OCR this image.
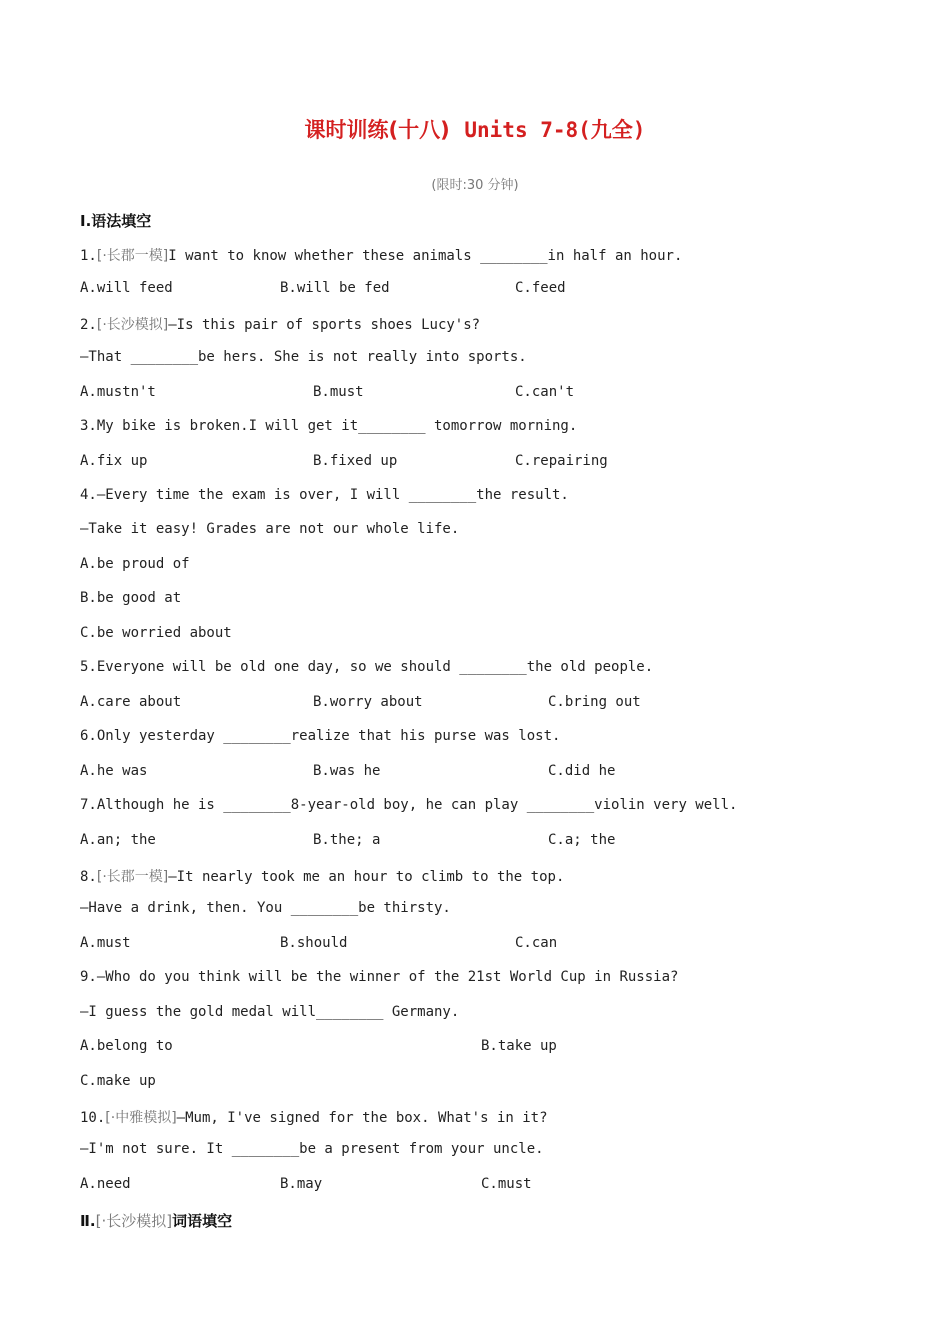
课时训练(十八) Units 7-8(九全)
(限时:30 分钟)
Ⅰ.语法填空
1.[·长郡一模]I want to know whether these animals ________in half an hour.
A.will feed	B.will be fed	C.feed
2.[·长沙模拟]—Is this pair of sports shoes Lucy's?
—That ________be hers. She is not really into sports.
A.mustn't	B.must	C.can't
3.My bike is broken.I will get it________ tomorrow morning.
A.fix up	B.fixed up	C.repairing
4.—Every time the exam is over, I will ________the result.
—Take it easy! Grades are not our whole life.
A.be proud of
B.be good at
C.be worried about
5.Everyone will be old one day, so we should ________the old people.
A.care about	B.worry about	C.bring out
6.Only yesterday ________realize that his purse was lost.
A.he was	B.was he	C.did he
7.Although he is ________8-year-old boy, he can play ________violin very well.
A.an; the	B.the; a	C.a; the
8.[·长郡一模]—It nearly took me an hour to climb to the top.
—Have a drink, then. You ________be thirsty.
A.must	B.should	C.can
9.—Who do you think will be the winner of the 21st World Cup in Russia?
—I guess the gold medal will________ Germany.
A.belong to	B.take up
C.make up
10.[·中雅模拟]—Mum, I've signed for the box. What's in it?
—I'm not sure. It ________be a present from your uncle.
A.need	B.may	C.must
Ⅱ.[·长沙模拟]词语填空
